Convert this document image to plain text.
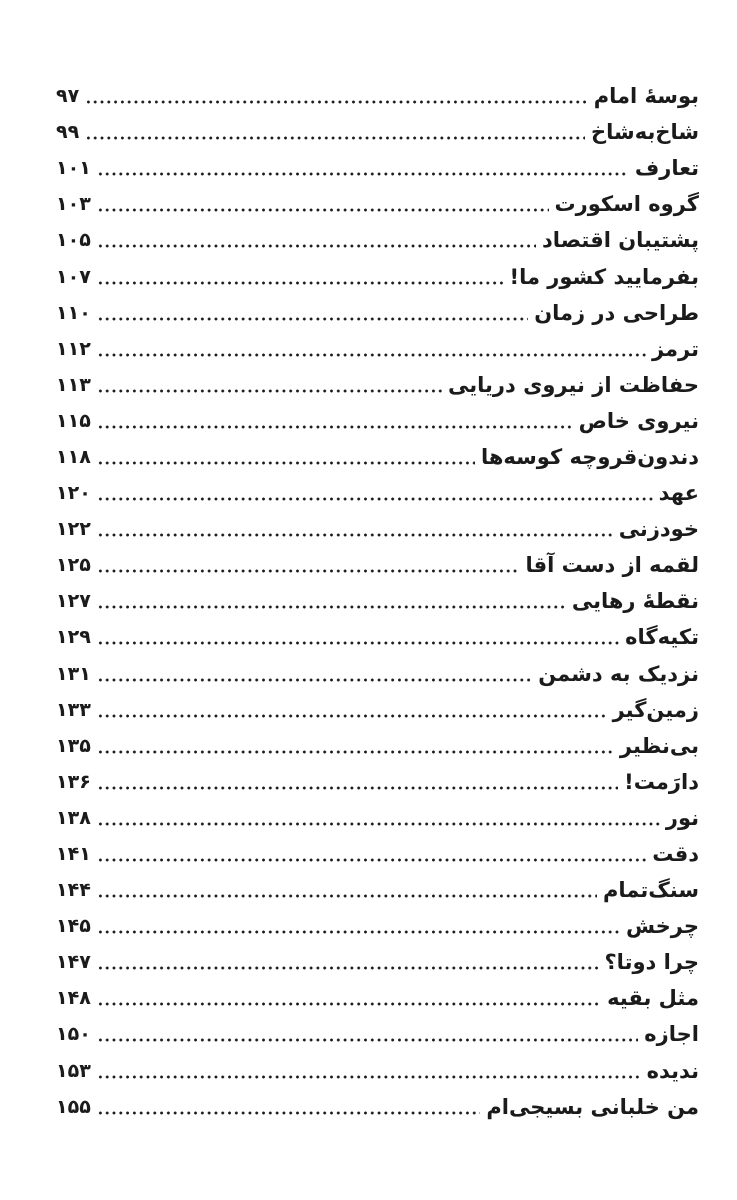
بوسهٔ امام
۹۷
شاخ‌به‌شاخ
۹۹
تعارف
۱۰۱
گروه اسکورت
۱۰۳
پشتیبان اقتصاد
۱۰۵
بفرمایید کشور ما!
۱۰۷
طراحی در زمان
۱۱۰
ترمز
۱۱۲
حفاظت از نیروی دریایی
۱۱۳
نیروی خاص
۱۱۵
دندون‌قروچه کوسه‌ها
۱۱۸
عهد
۱۲۰
خودزنی
۱۲۲
لقمه از دست آقا
۱۲۵
نقطهٔ رهایی
۱۲۷
تکیه‌گاه
۱۲۹
نزدیک به دشمن
۱۳۱
زمین‌گیر
۱۳۳
بی‌نظیر
۱۳۵
دارَمت!
۱۳۶
نور
۱۳۸
دقت
۱۴۱
سنگ‌تمام
۱۴۴
چرخش
۱۴۵
چرا دوتا؟
۱۴۷
مثل بقیه
۱۴۸
اجازه
۱۵۰
ندیده
۱۵۳
من خلبانی بسیجی‌ام
۱۵۵
